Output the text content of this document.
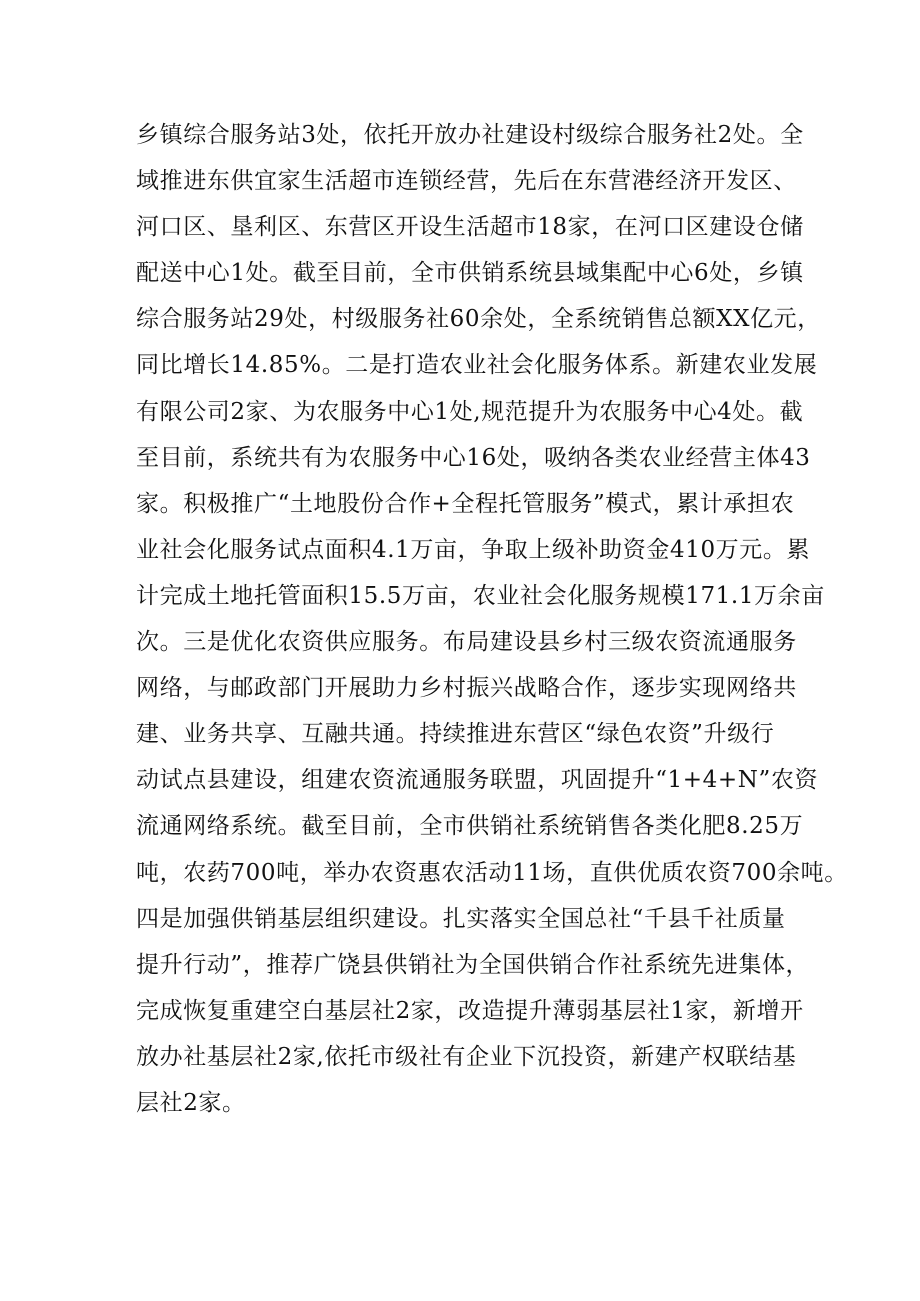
乡镇综合服务站3处，依托开放办社建设村级综合服务社2处。全
域推进东供宜家生活超市连锁经营，先后在东营港经济开发区、
河口区、垦利区、东营区开设生活超市18家，在河口区建设仓储
配送中心1处。截至目前，全市供销系统县域集配中心6处，乡镇
综合服务站29处，村级服务社60余处，全系统销售总额XX亿元，
同比增长14.85%。二是打造农业社会化服务体系。新建农业发展
有限公司2家、为农服务中心1处,规范提升为农服务中心4处。截
至目前，系统共有为农服务中心16处，吸纳各类农业经营主体43
家。积极推广“土地股份合作+全程托管服务”模式，累计承担农
业社会化服务试点面积4.1万亩，争取上级补助资金410万元。累
计完成土地托管面积15.5万亩，农业社会化服务规模171.1万余亩
次。三是优化农资供应服务。布局建设县乡村三级农资流通服务
网络，与邮政部门开展助力乡村振兴战略合作，逐步实现网络共
建、业务共享、互融共通。持续推进东营区“绿色农资”升级行
动试点县建设，组建农资流通服务联盟，巩固提升“1+4+N”农资
流通网络系统。截至目前，全市供销社系统销售各类化肥8.25万
吨，农药700吨，举办农资惠农活动11场，直供优质农资700余吨。
四是加强供销基层组织建设。扎实落实全国总社“千县千社质量
提升行动”，推荐广饶县供销社为全国供销合作社系统先进集体，
完成恢复重建空白基层社2家，改造提升薄弱基层社1家，新增开
放办社基层社2家,依托市级社有企业下沉投资，新建产权联结基
层社2家。
